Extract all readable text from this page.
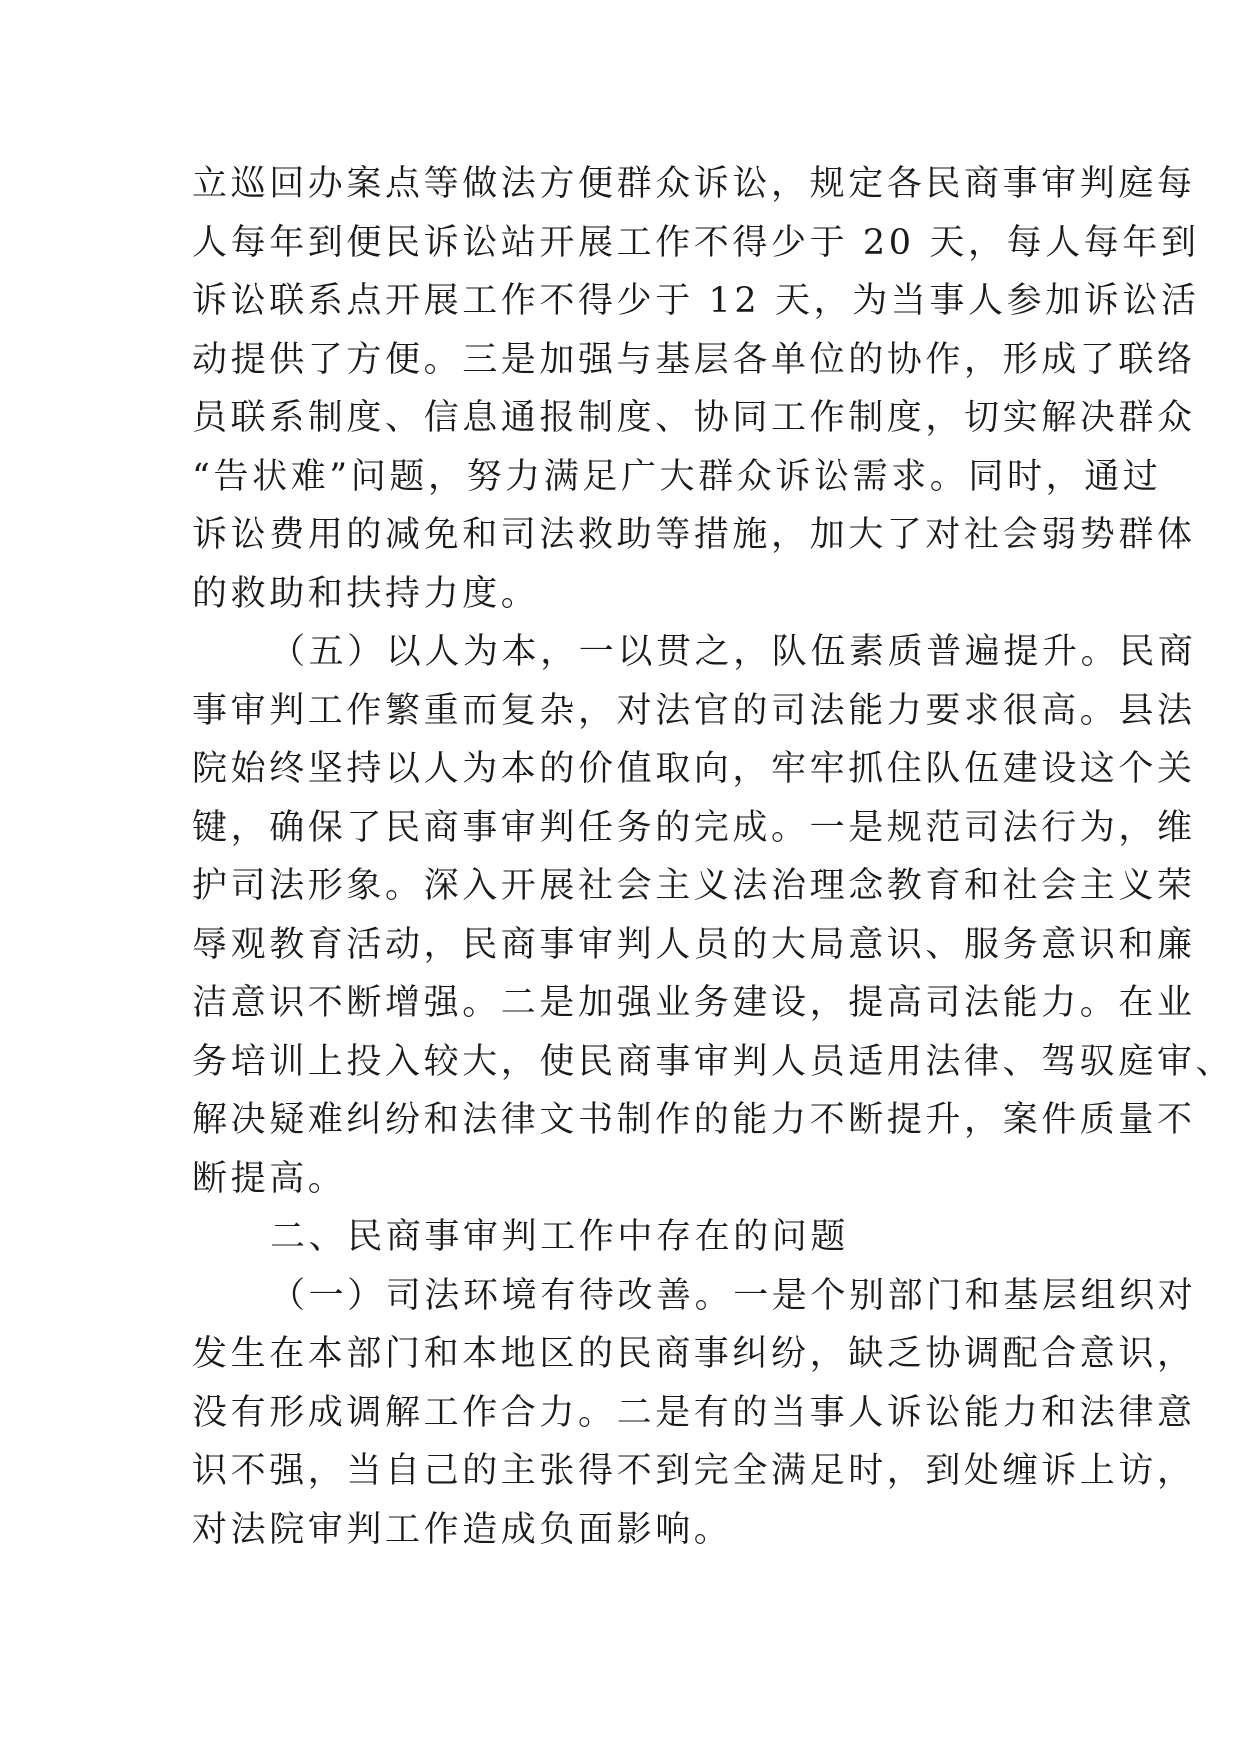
立巡回办案点等做法方便群众诉讼，规定各民商事审判庭每
人每年到便民诉讼站开展工作不得少于 20 天，每人每年到
诉讼联系点开展工作不得少于 12 天，为当事人参加诉讼活
动提供了方便。三是加强与基层各单位的协作，形成了联络
员联系制度、信息通报制度、协同工作制度，切实解决群众
“告状难”问题，努力满足广大群众诉讼需求。同时，通过
诉讼费用的减免和司法救助等措施，加大了对社会弱势群体
的救助和扶持力度。
（五）以人为本，一以贯之，队伍素质普遍提升。民商
事审判工作繁重而复杂，对法官的司法能力要求很高。县法
院始终坚持以人为本的价值取向，牢牢抓住队伍建设这个关
键，确保了民商事审判任务的完成。一是规范司法行为，维
护司法形象。深入开展社会主义法治理念教育和社会主义荣
辱观教育活动，民商事审判人员的大局意识、服务意识和廉
洁意识不断增强。二是加强业务建设，提高司法能力。在业
务培训上投入较大，使民商事审判人员适用法律、驾驭庭审、
解决疑难纠纷和法律文书制作的能力不断提升，案件质量不
断提高。
二、民商事审判工作中存在的问题
（一）司法环境有待改善。一是个别部门和基层组织对
发生在本部门和本地区的民商事纠纷，缺乏协调配合意识，
没有形成调解工作合力。二是有的当事人诉讼能力和法律意
识不强，当自己的主张得不到完全满足时，到处缠诉上访，
对法院审判工作造成负面影响。
